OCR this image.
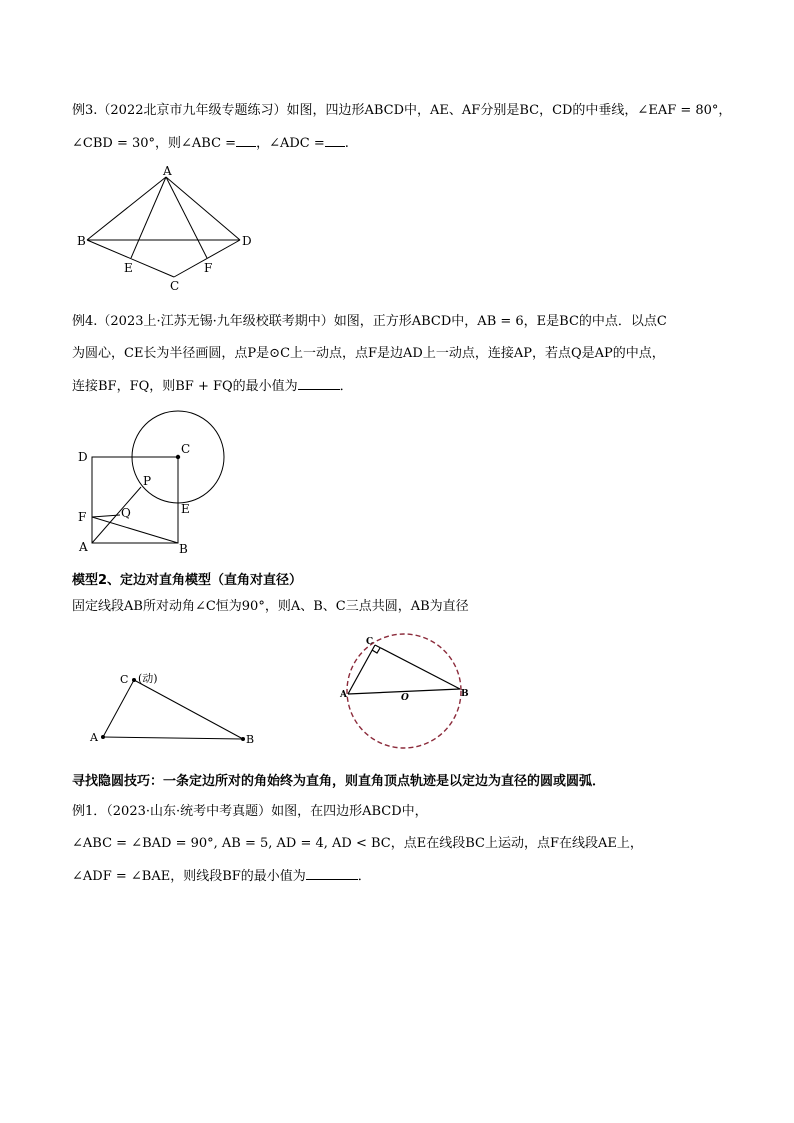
例3.（2022北京市九年级专题练习）如图，四边形ABCD中，AE、AF分别是BC，CD的中垂线，∠EAF = 80°，
∠CBD = 30°，则∠ABC = ，∠ADC = .
A
B	D
E	F
C
例4.（2023上·江苏无锡·九年级校联考期中）如图，正方形ABCD中，AB = 6，E是BC的中点．以点C
为圆心，CE长为半径画圆，点P是⊙C上一动点，点F是边AD上一动点，连接AP，若点Q是AP的中点，
连接BF，FQ，则BF + FQ的最小值为	．
D
C
P
E
F	Q
A	B
模型2、定边对直角模型（直角对直径）
固定线段AB所对动角∠C恒为90°，则A、B、C三点共圆，AB为直径
C (动)
A	B
C
A	O	B
寻找隐圆技巧：一条定边所对的角始终为直角，则直角顶点轨迹是以定边为直径的圆或圆弧．
例1．（2023·山东·统考中考真题）如图，在四边形ABCD中，
∠ABC = ∠BAD = 90°, AB = 5, AD = 4, AD < BC，点E在线段BC上运动，点F在线段AE上，
∠ADF = ∠BAE，则线段BF的最小值为	．
